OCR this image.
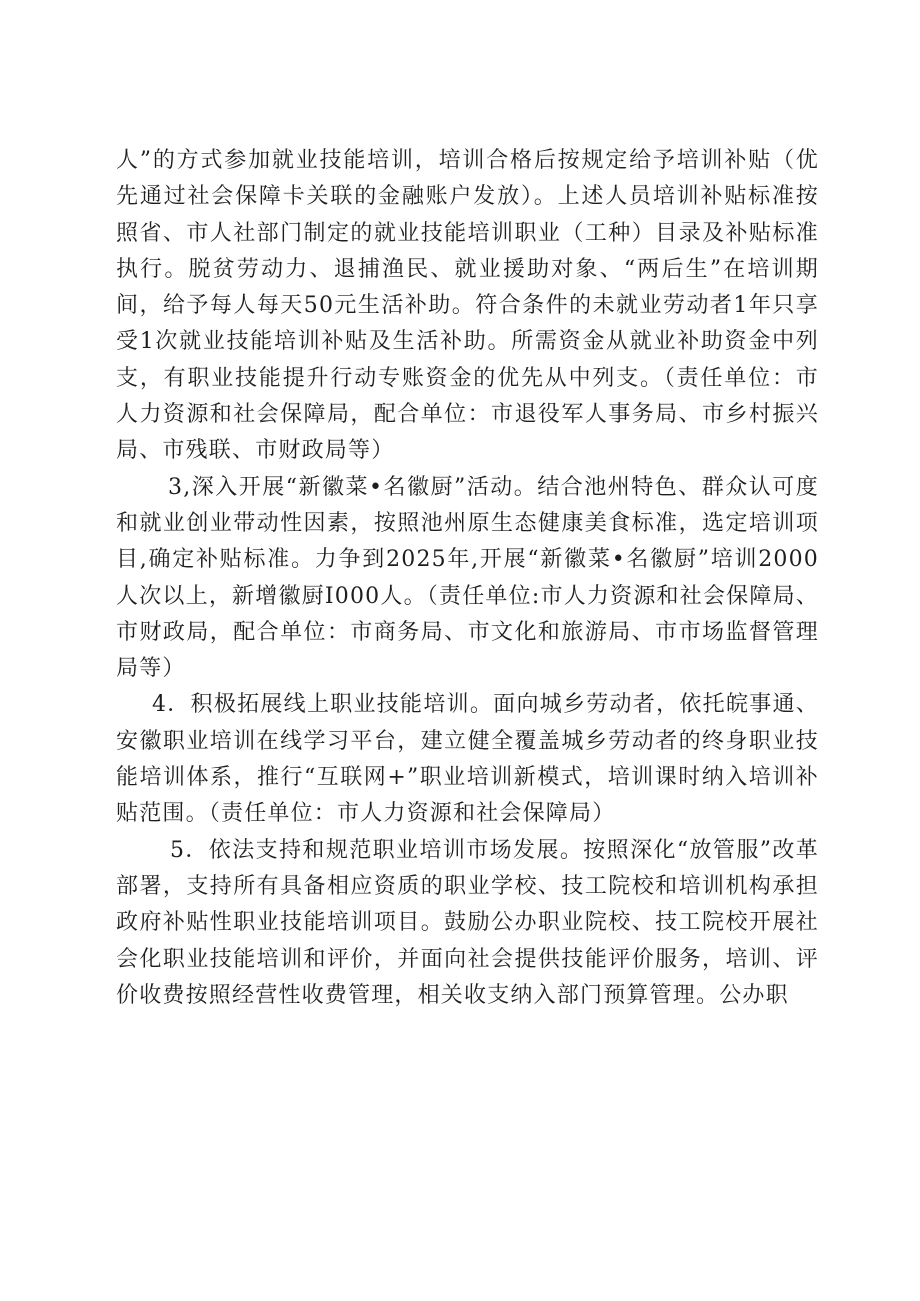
人”的方式参加就业技能培训，培训合格后按规定给予培训补贴（优先通过社会保障卡关联的金融账户发放）。上述人员培训补贴标准按照省、市人社部门制定的就业技能培训职业（工种）目录及补贴标准执行。脱贫劳动力、退捕渔民、就业援助对象、“两后生”在培训期间，给予每人每天50元生活补助。符合条件的未就业劳动者1年只享受1次就业技能培训补贴及生活补助。所需资金从就业补助资金中列支，有职业技能提升行动专账资金的优先从中列支。（责任单位：市人力资源和社会保障局，配合单位：市退役军人事务局、市乡村振兴局、市残联、市财政局等）

3,深入开展“新徽菜•名徽厨”活动。结合池州特色、群众认可度和就业创业带动性因素，按照池州原生态健康美食标准，选定培训项目,确定补贴标准。力争到2025年,开展“新徽菜•名徽厨”培训2000人次以上，新增徽厨I000人。（责任单位:市人力资源和社会保障局、市财政局，配合单位：市商务局、市文化和旅游局、市市场监督管理局等）

4．积极拓展线上职业技能培训。面向城乡劳动者，依托皖事通、安徽职业培训在线学习平台，建立健全覆盖城乡劳动者的终身职业技能培训体系，推行“互联网+”职业培训新模式，培训课时纳入培训补贴范围。（责任单位：市人力资源和社会保障局）

5．依法支持和规范职业培训市场发展。按照深化“放管服”改革部署，支持所有具备相应资质的职业学校、技工院校和培训机构承担政府补贴性职业技能培训项目。鼓励公办职业院校、技工院校开展社会化职业技能培训和评价，并面向社会提供技能评价服务，培训、评价收费按照经营性收费管理，相关收支纳入部门预算管理。公办职
